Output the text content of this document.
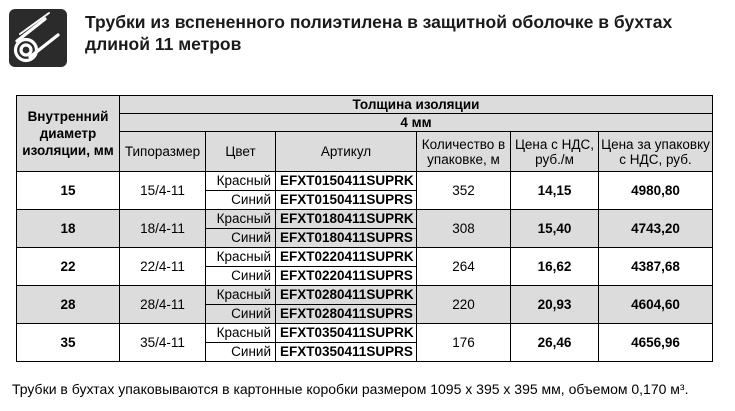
Трубки из вспененного полиэтилена в защитной оболочке в бухтах длиной 11 метров
Внутренний диаметр изоляции, мм	Толщина изоляции					
	4 мм					
	Типоразмер	Цвет	Артикул	Количество в упаковке, м	Цена с НДС, руб./м	Цена за упаковку с НДС, руб.
15	15/4-11	Красный	EFXT0150411SUPRK	352	14,15	4980,80
		Синий	EFXT0150411SUPRS			
18	18/4-11	Красный	EFXT0180411SUPRK	308	15,40	4743,20
		Синий	EFXT0180411SUPRS			
22	22/4-11	Красный	EFXT0220411SUPRK	264	16,62	4387,68
		Синий	EFXT0220411SUPRS			
28	28/4-11	Красный	EFXT0280411SUPRK	220	20,93	4604,60
		Синий	EFXT0280411SUPRS			
35	35/4-11	Красный	EFXT0350411SUPRK	176	26,46	4656,96
		Синий	EFXT0350411SUPRS			
Трубки в бухтах упаковываются в картонные коробки размером 1095 х 395 х 395 мм, объемом 0,170 м³.
